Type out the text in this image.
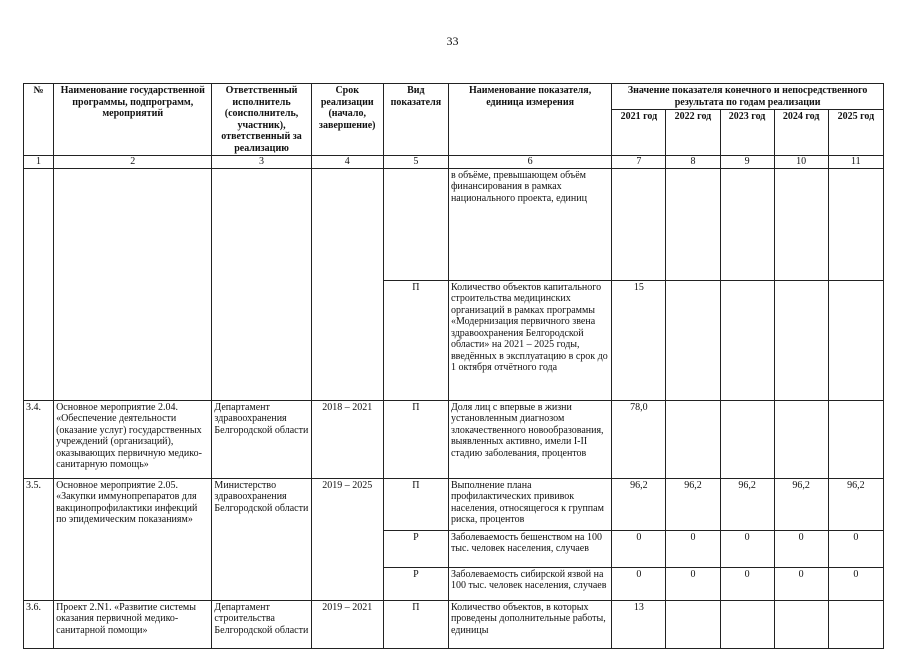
33
№	Наименование государственной программы, подпрограмм, мероприятий	Ответственный исполнитель (соисполнитель, участник), ответственный за реализацию	Срок реализации (начало, завершение)	Вид показателя	Наименование показателя, единица измерения	Значение показателя конечного и непосредственного результата по годам реализации				
						2021 год	2022 год	2023 год	2024 год	2025 год
1	2	3	4	5	6	7	8	9	10	11
					в объёме, превышающем объём финансирования в рамках национального проекта, единиц					
				П	Количество объектов капитального строительства медицинских организаций в рамках программы «Модернизация первичного звена здравоохранения Белгородской области» на 2021 – 2025 годы, введённых в эксплуатацию в срок до 1 октября отчётного года	15				
3.4.	Основное мероприятие 2.04. «Обеспечение деятельности (оказание услуг) государственных учреждений (организаций), оказывающих первичную медико-санитарную помощь»	Департамент здравоохранения Белгородской области	2018 – 2021	П	Доля лиц с впервые в жизни установленным диагнозом злокачественного новообразования, выявленных активно, имели I-II стадию заболевания, процентов	78,0				
3.5.	Основное мероприятие 2.05. «Закупки иммунопрепаратов для вакцинопрофилактики инфекций по эпидемическим показаниям»	Министерство здравоохранения Белгородской области	2019 – 2025	П	Выполнение плана профилактических прививок населения, относящегося к группам риска, процентов	96,2	96,2	96,2	96,2	96,2
				Р	Заболеваемость бешенством на 100 тыс. человек населения, случаев	0	0	0	0	0
				Р	Заболеваемость сибирской язвой на 100 тыс. человек населения, случаев	0	0	0	0	0
3.6.	Проект 2.N1. «Развитие системы оказания первичной медико-санитарной помощи»	Департамент строительства Белгородской области	2019 – 2021	П	Количество объектов, в которых проведены дополнительные работы, единицы	13				
